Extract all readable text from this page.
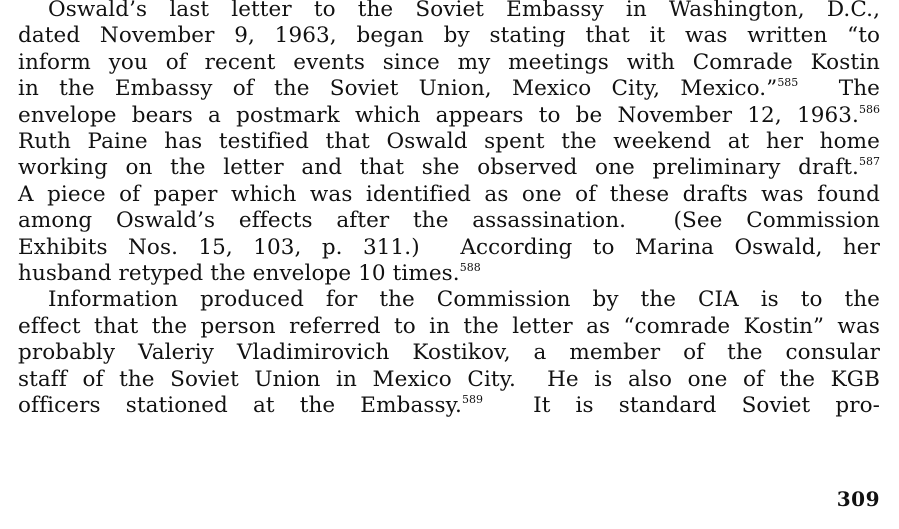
Oswald’s last letter to the Soviet Embassy in Washington, D.C.,
dated November 9, 1963, began by stating that it was written “to
inform you of recent events since my meetings with Comrade Kostin
in the Embassy of the Soviet Union, Mexico City, Mexico.”$^{585}$  The
envelope bears a postmark which appears to be November 12, 1963.$^{586}$
Ruth Paine has testified that Oswald spent the weekend at her home
working on the letter and that she observed one preliminary draft.$^{587}$
A piece of paper which was identified as one of these drafts was found
among Oswald’s effects after the assassination.  (See Commission
Exhibits Nos. 15, 103, p. 311.)  According to Marina Oswald, her
husband retyped the envelope 10 times.$^{588}$

Information produced for the Commission by the CIA is to the
effect that the person referred to in the letter as “comrade Kostin” was
probably Valeriy Vladimirovich Kostikov, a member of the consular
staff of the Soviet Union in Mexico City.  He is also one of the KGB
officers stationed at the Embassy.$^{589}$  It is standard Soviet pro-

309
